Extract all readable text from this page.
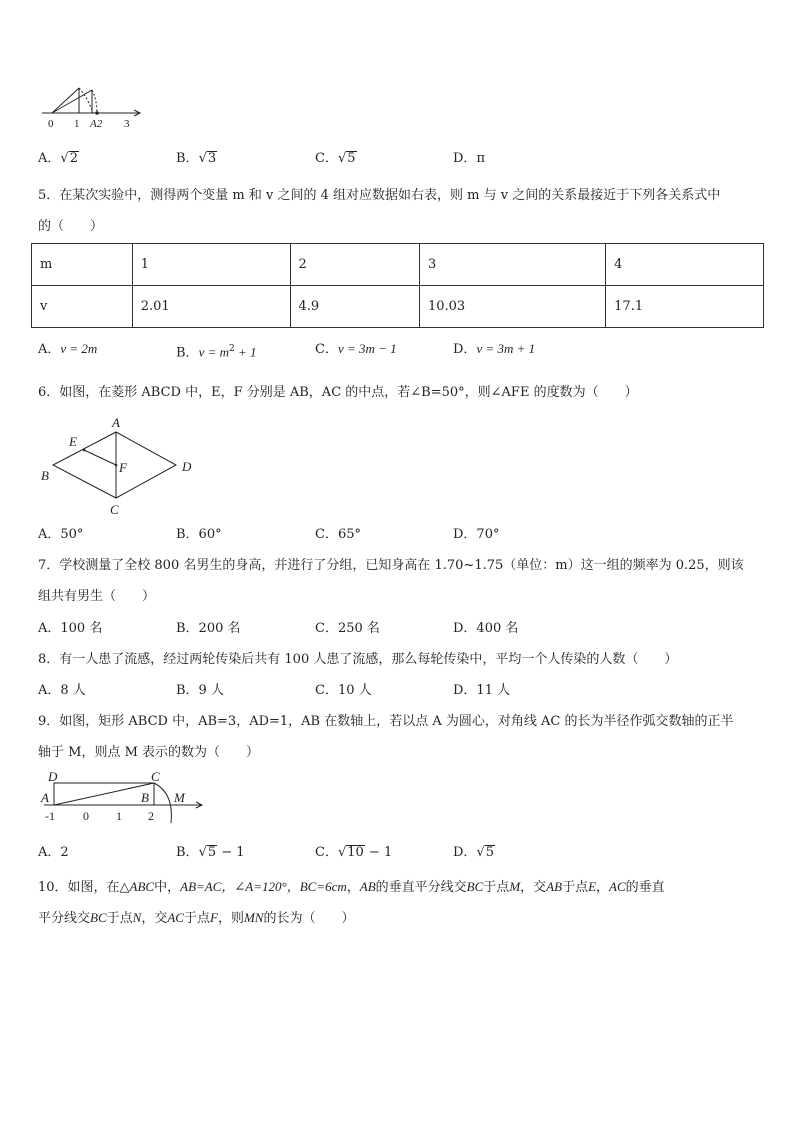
0 1 A2 3
A．√2	B．√3	C．√5	D．π
5．在某次实验中，测得两个变量 m 和 v 之间的 4 组对应数据如右表，则 m 与 v 之间的关系最接近于下列各关系式中
的（　　）
m	1	2	3	4
v	2.01	4.9	10.03	17.1
A．v = 2m	B．$v = m^2 + 1$	C．v = 3m − 1	D．v = 3m + 1
6．如图，在菱形 ABCD 中，E，F 分别是 AB，AC 的中点，若∠B=50°，则∠AFE 的度数为（　　）
A
E
B
F	D
C
A．50°	B．60°	C．65°	D．70°
7．学校测量了全校 800 名男生的身高，并进行了分组，已知身高在 1.70~1.75（单位：m）这一组的频率为 0.25，则该
组共有男生（　　）
A．100 名	B．200 名	C．250 名	D．400 名
8．有一人患了流感，经过两轮传染后共有 100 人患了流感，那么每轮传染中，平均一个人传染的人数（　　）
A．8 人	B．9 人	C．10 人	D．11 人
9．如图，矩形 ABCD 中，AB=3，AD=1，AB 在数轴上，若以点 A 为圆心，对角线 AC 的长为半径作弧交数轴的正半
轴于 M，则点 M 表示的数为（　　）
D	C
A	B M
-1 0 1 2
A．2	B．√5 − 1	C．√10 − 1	D．√5
10．如图，在△ABC中，AB=AC，∠A=120°，BC=6cm，AB的垂直平分线交BC于点M，交AB于点E，AC的垂直
平分线交BC于点N，交AC于点F，则MN的长为（　　）
